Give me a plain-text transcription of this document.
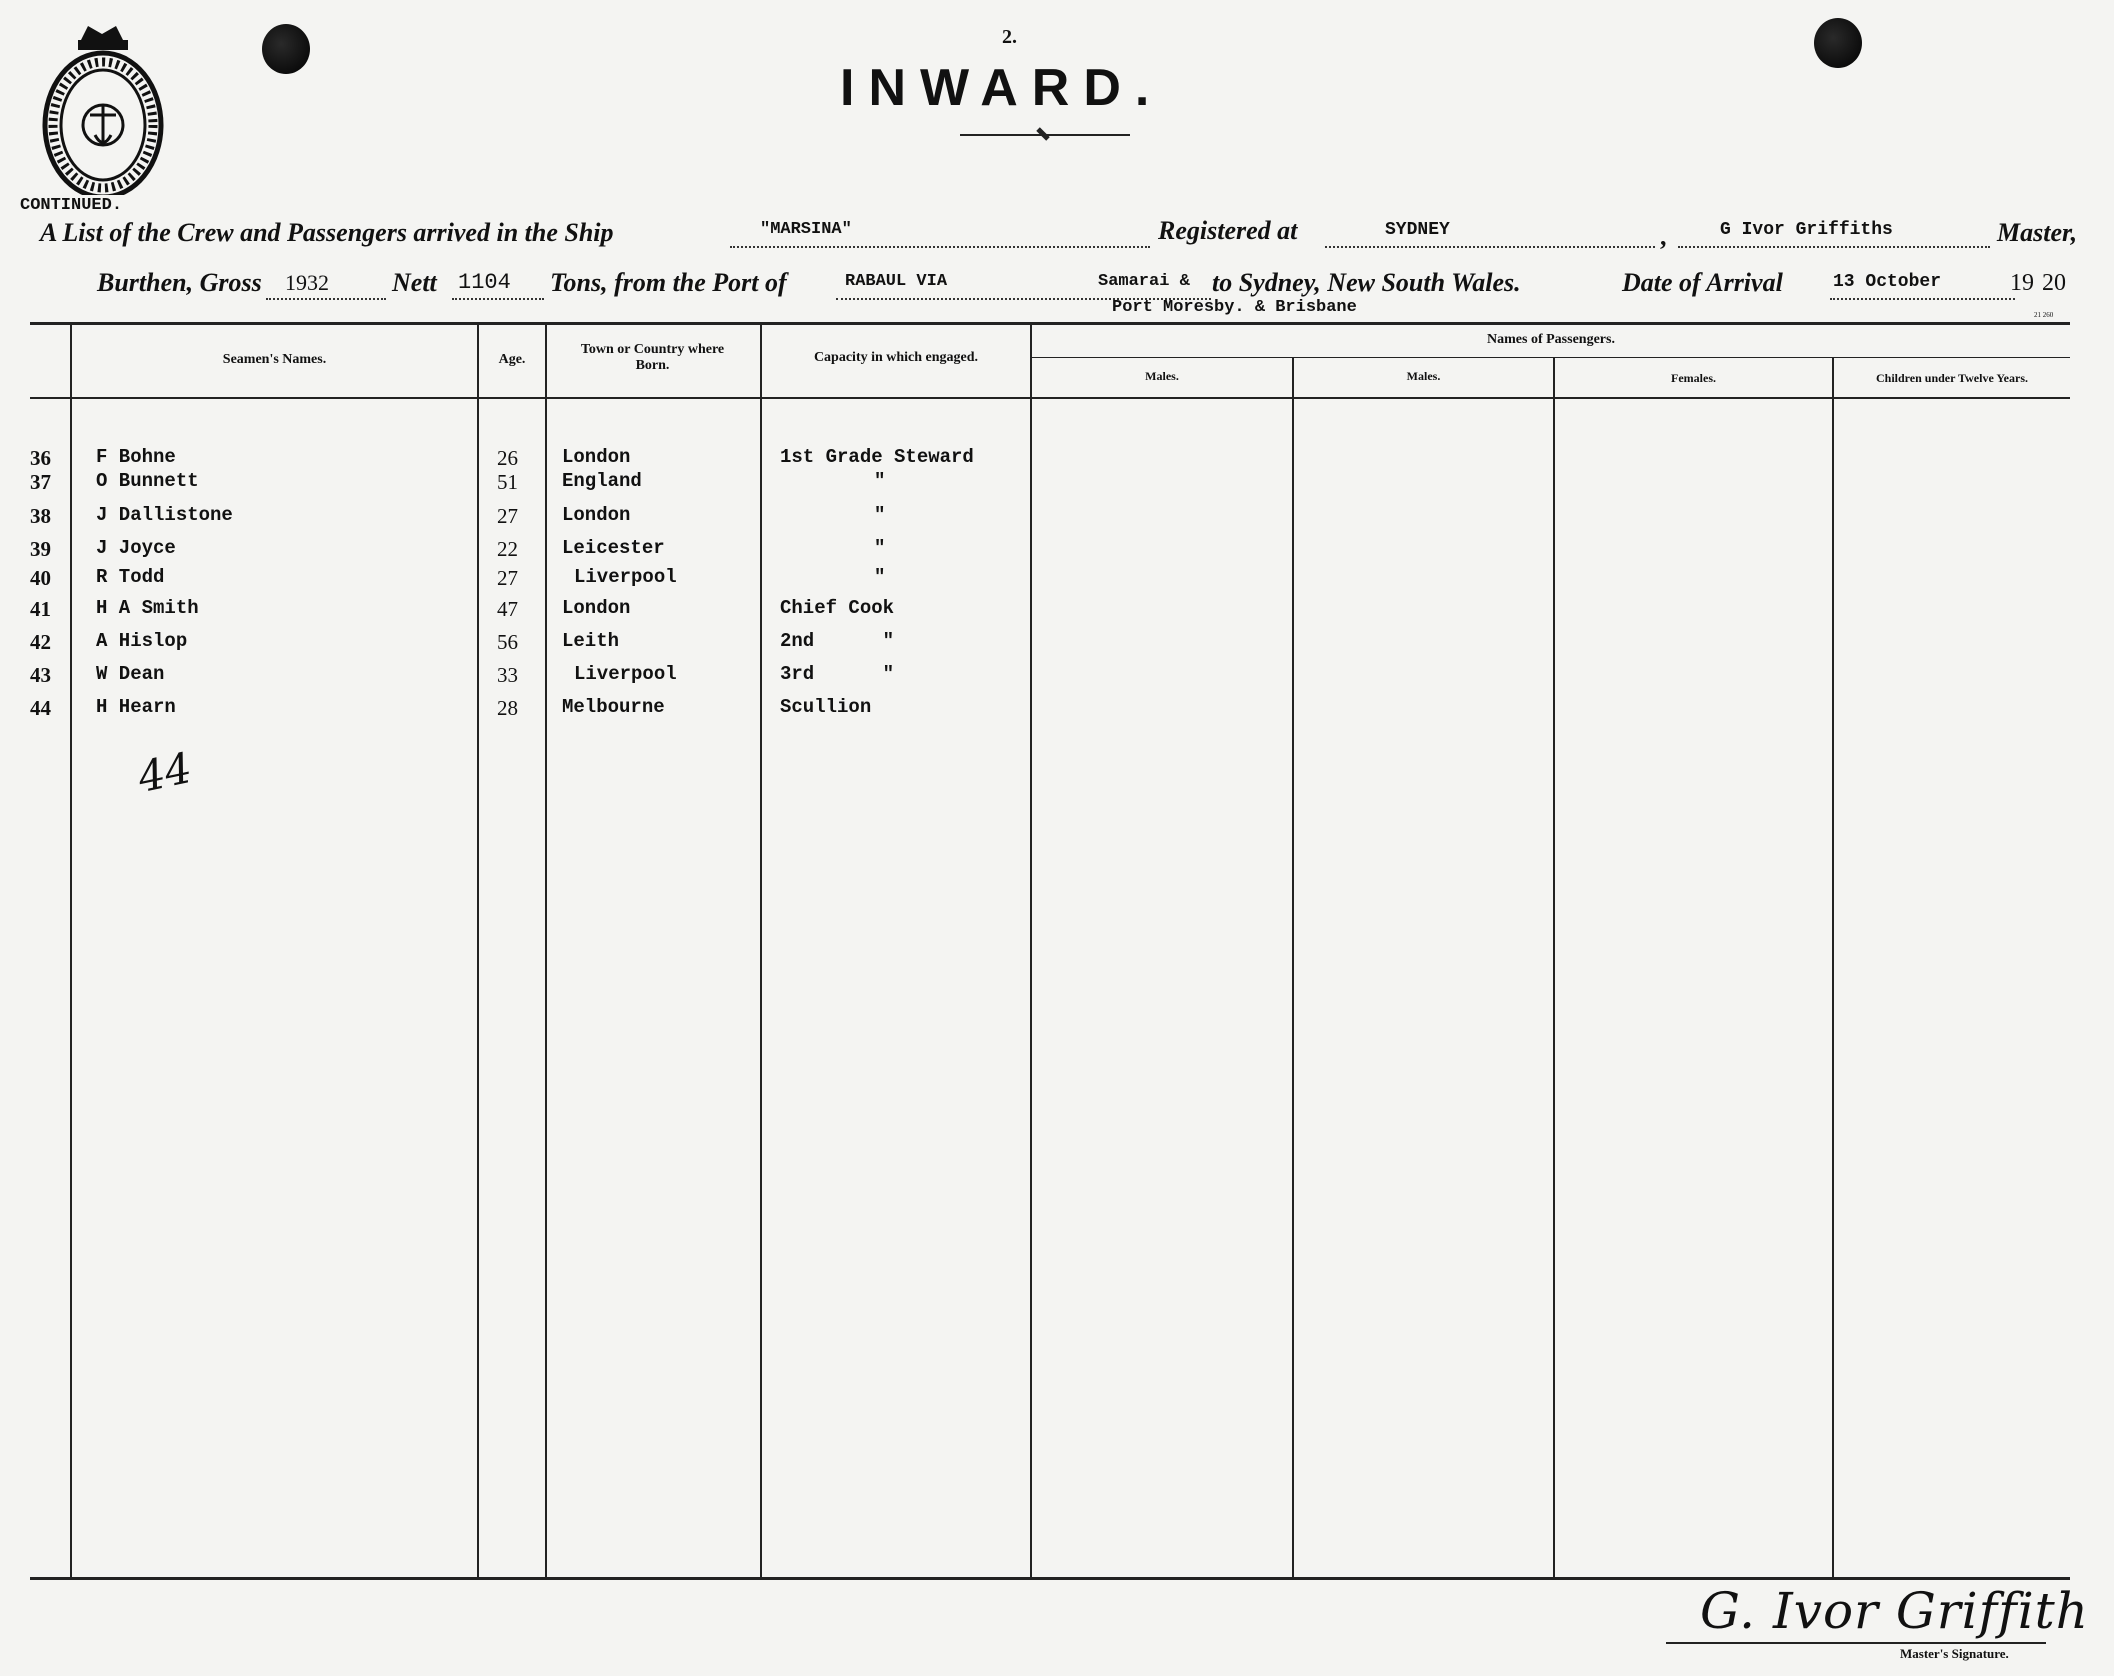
CONTINUED.
2.
INWARD.
A List of the Crew and Passengers arrived in the Ship	"MARSINA"	Registered at	SYDNEY	,	G Ivor Griffiths	Master,
Burthen, Gross 1932 Nett 1104 Tons, from the Port of	RABAUL VIA	Samarai & to Sydney, New South Wales.
Port Moresby. & Brisbane
Date of Arrival	13 October	19 20
21 260
Seamen's Names.	Age.
Town or Country where Born.
Capacity in which engaged.
Names of Passengers.
Males.	Males.	Females.	Children under Twelve Years.
36 F Bohne	26 London	1st Grade Steward
37 O Bunnett	51 England	"
38 J Dallistone	27 London	"
39 J Joyce	22 Leicester	"
40 R Todd	27	Liverpool	"
41 H A Smith	47 London	Chief Cook
42 A Hislop	56 Leith	2nd      "
43 W Dean	33	Liverpool	3rd      "
44 H Hearn	28 Melbourne	Scullion
44
G. Ivor Griffith
Master's Signature.
